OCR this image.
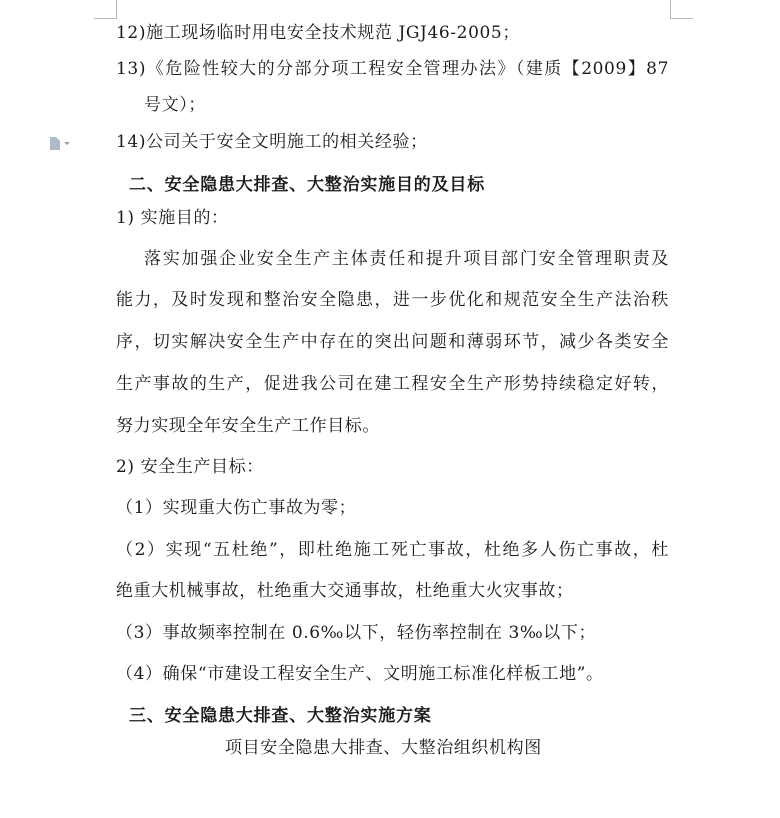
12)施工现场临时用电安全技术规范 JGJ46-2005；
13)《危险性较大的分部分项工程安全管理办法》（建质【2009】87
号文）；
14)公司关于安全文明施工的相关经验；
二、安全隐患大排查、大整治实施目的及目标
1) 实施目的：
落实加强企业安全生产主体责任和提升项目部门安全管理职责及
能力，及时发现和整治安全隐患，进一步优化和规范安全生产法治秩
序，切实解决安全生产中存在的突出问题和薄弱环节，减少各类安全
生产事故的生产，促进我公司在建工程安全生产形势持续稳定好转，
努力实现全年安全生产工作目标。
2) 安全生产目标：
（1）实现重大伤亡事故为零；
（2）实现“五杜绝”，即杜绝施工死亡事故，杜绝多人伤亡事故，杜
绝重大机械事故，杜绝重大交通事故，杜绝重大火灾事故；
（3）事故频率控制在 0.6‰以下，轻伤率控制在 3‰以下；
（4）确保“市建设工程安全生产、文明施工标准化样板工地”。
三、安全隐患大排查、大整治实施方案
项目安全隐患大排查、大整治组织机构图
